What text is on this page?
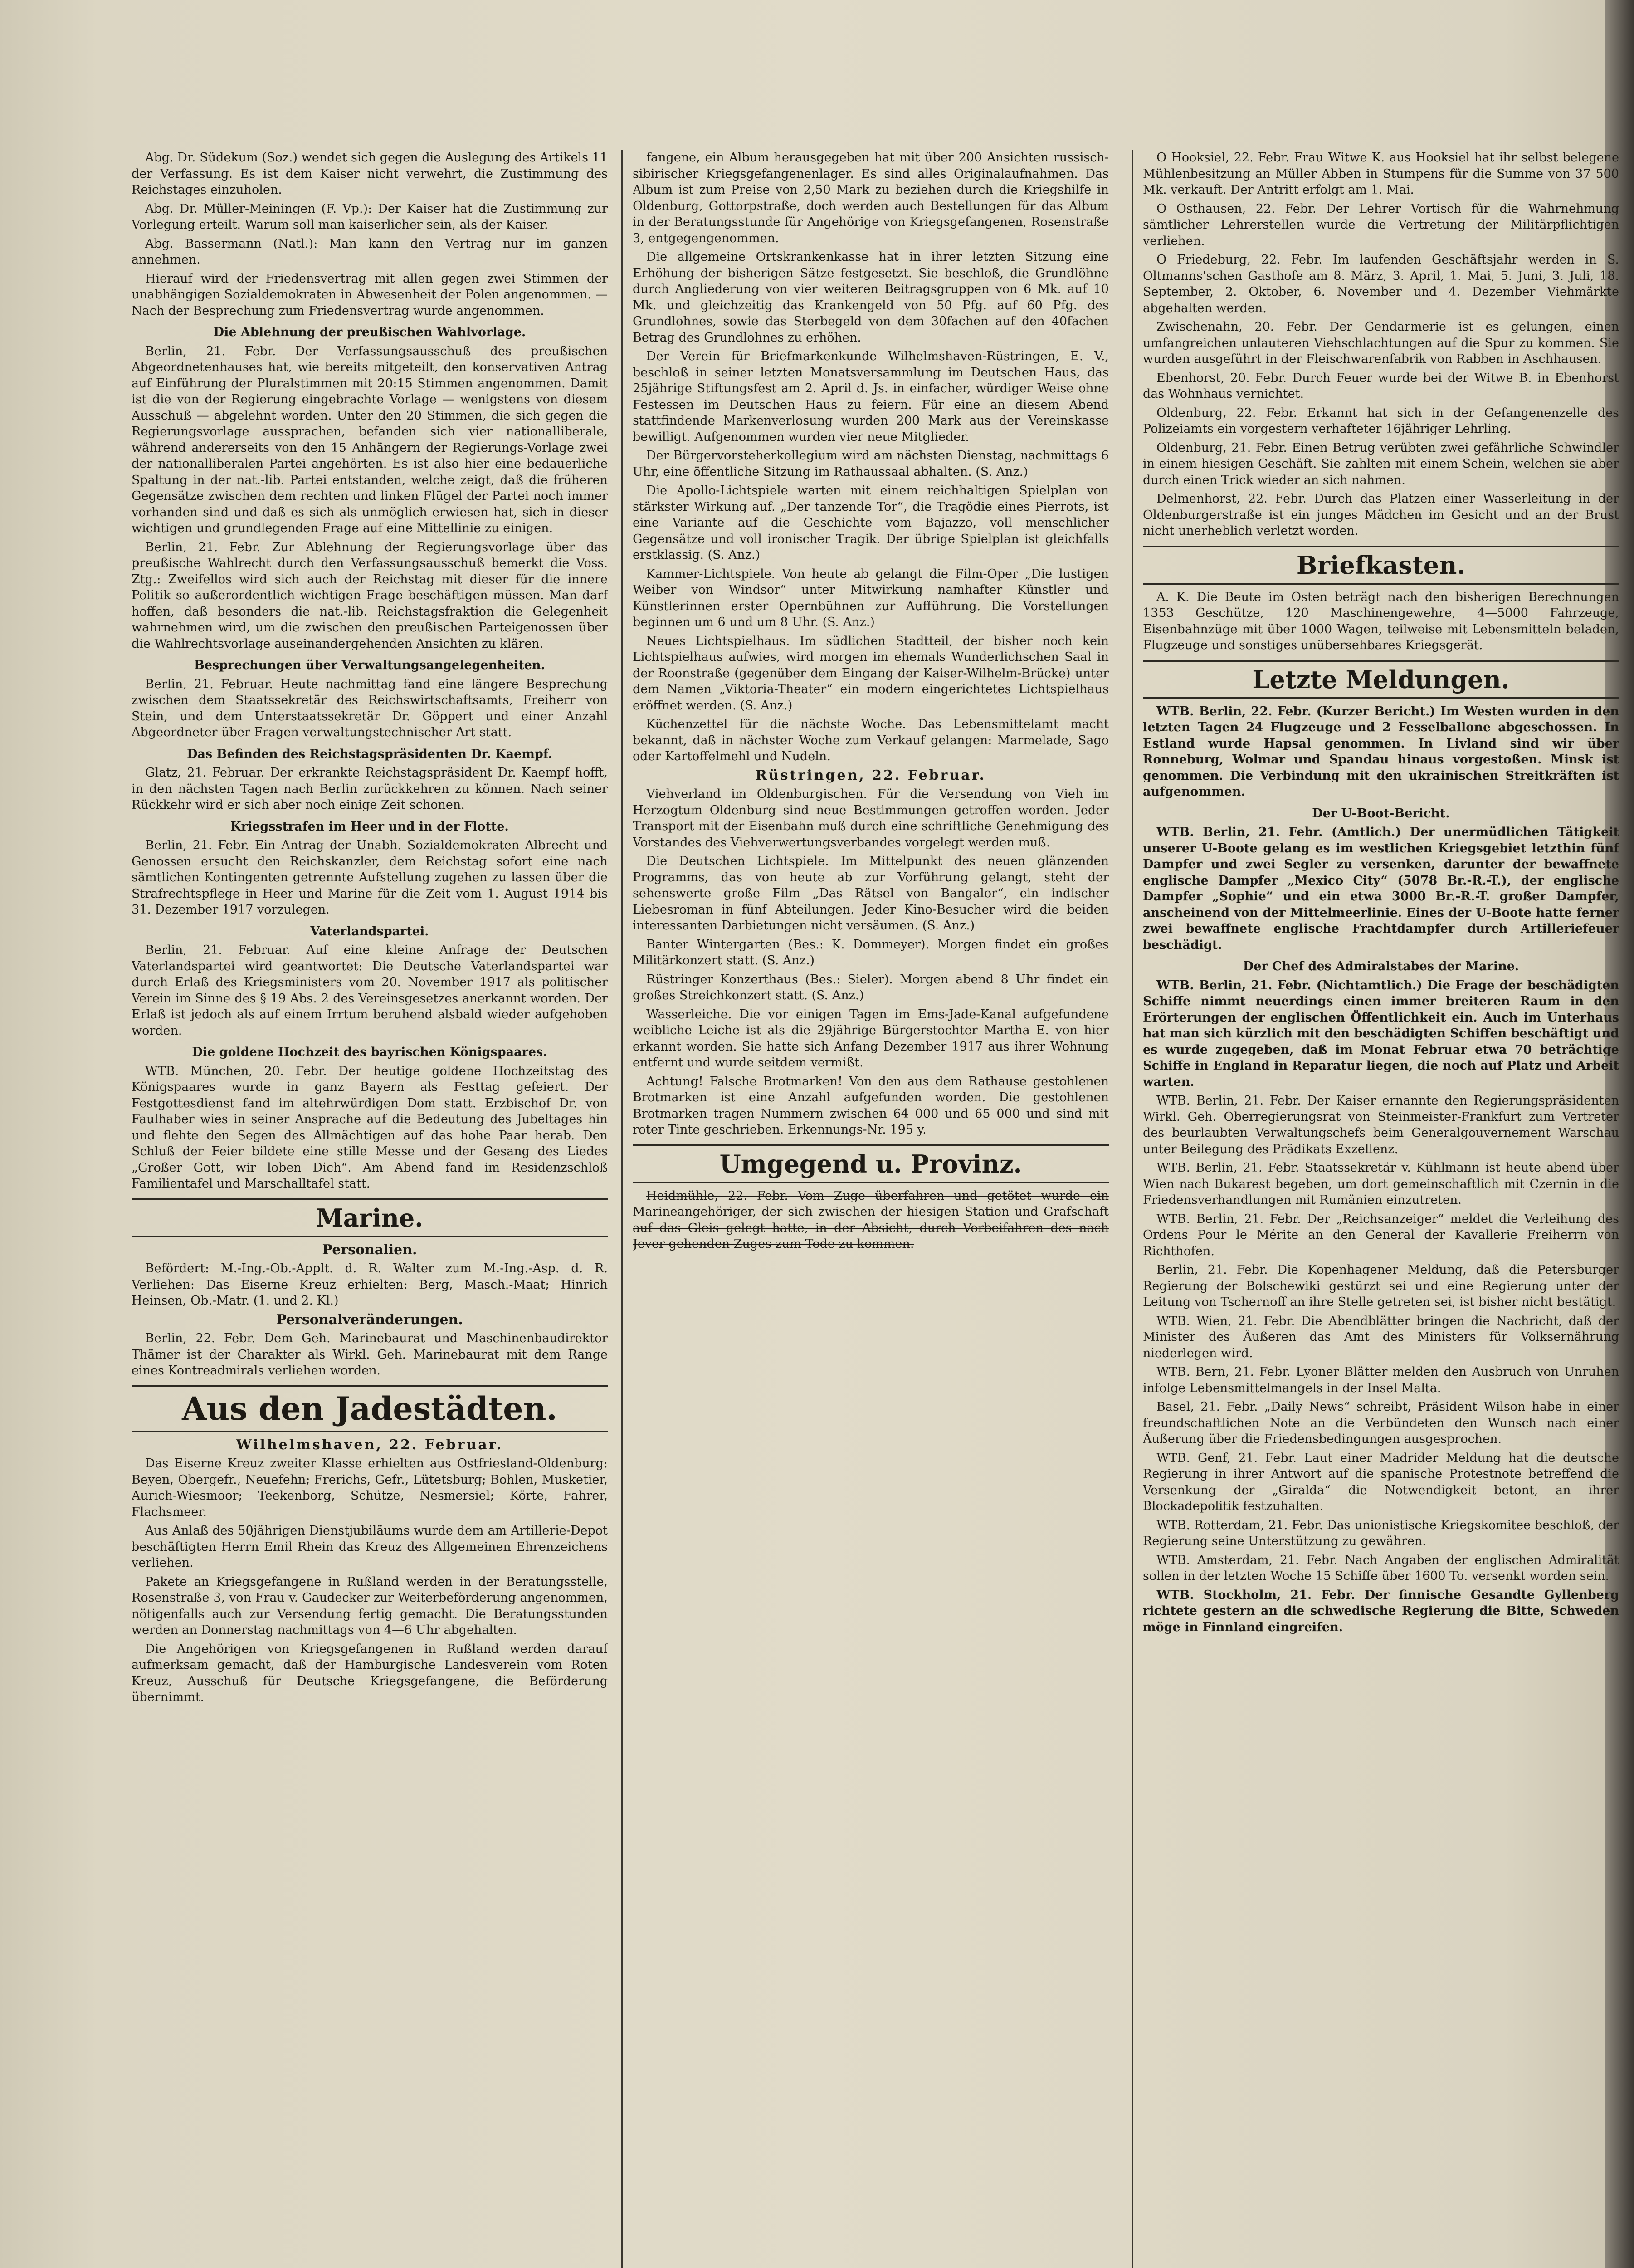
Abg. Dr. Südekum (Soz.) wendet sich gegen die Auslegung des Artikels 11 der Verfassung. Es ist dem Kaiser nicht verwehrt, die Zustimmung des Reichstages einzuholen.

Abg. Dr. Müller-Meiningen (F. Vp.): Der Kaiser hat die Zustimmung zur Vorlegung erteilt. Warum soll man kaiserlicher sein, als der Kaiser.

Abg. Bassermann (Natl.): Man kann den Vertrag nur im ganzen annehmen.

Hierauf wird der Friedensvertrag mit allen gegen zwei Stimmen der unabhängigen Sozialdemokraten in Abwesenheit der Polen angenommen. — Nach der Besprechung zum Friedensvertrag wurde angenommen.

Die Ablehnung der preußischen Wahlvorlage.

Berlin, 21. Febr. Der Verfassungsausschuß des preußischen Abgeordnetenhauses hat, wie bereits mitgeteilt, den konservativen Antrag auf Einführung der Pluralstimmen mit 20:15 Stimmen angenommen. Damit ist die von der Regierung eingebrachte Vorlage — wenigstens von diesem Ausschuß — abgelehnt worden. Unter den 20 Stimmen, die sich gegen die Regierungsvorlage aussprachen, befanden sich vier nationalliberale, während andererseits von den 15 Anhängern der Regierungs-Vorlage zwei der nationalliberalen Partei angehörten. Es ist also hier eine bedauerliche Spaltung in der nat.-lib. Partei entstanden, welche zeigt, daß die früheren Gegensätze zwischen dem rechten und linken Flügel der Partei noch immer vorhanden sind und daß es sich als unmöglich erwiesen hat, sich in dieser wichtigen und grundlegenden Frage auf eine Mittellinie zu einigen.

Berlin, 21. Febr. Zur Ablehnung der Regierungsvorlage über das preußische Wahlrecht durch den Verfassungsausschuß bemerkt die Voss. Ztg.: Zweifellos wird sich auch der Reichstag mit dieser für die innere Politik so außerordentlich wichtigen Frage beschäftigen müssen. Man darf hoffen, daß besonders die nat.-lib. Reichstagsfraktion die Gelegenheit wahrnehmen wird, um die zwischen den preußischen Parteigenossen über die Wahlrechtsvorlage auseinandergehenden Ansichten zu klären.

Besprechungen über Verwaltungsangelegenheiten.

Berlin, 21. Februar. Heute nachmittag fand eine längere Besprechung zwischen dem Staatssekretär des Reichswirtschaftsamts, Freiherr von Stein, und dem Unterstaatssekretär Dr. Göppert und einer Anzahl Abgeordneter über Fragen verwaltungstechnischer Art statt.

Das Befinden des Reichstagspräsidenten Dr. Kaempf.

Glatz, 21. Februar. Der erkrankte Reichstagspräsident Dr. Kaempf hofft, in den nächsten Tagen nach Berlin zurückkehren zu können. Nach seiner Rückkehr wird er sich aber noch einige Zeit schonen.

Kriegsstrafen im Heer und in der Flotte.

Berlin, 21. Febr. Ein Antrag der Unabh. Sozialdemokraten Albrecht und Genossen ersucht den Reichskanzler, dem Reichstag sofort eine nach sämtlichen Kontingenten getrennte Aufstellung zugehen zu lassen über die Strafrechtspflege in Heer und Marine für die Zeit vom 1. August 1914 bis 31. Dezember 1917 vorzulegen.

Vaterlandspartei.

Berlin, 21. Februar. Auf eine kleine Anfrage der Deutschen Vaterlandspartei wird geantwortet: Die Deutsche Vaterlandspartei war durch Erlaß des Kriegsministers vom 20. November 1917 als politischer Verein im Sinne des § 19 Abs. 2 des Vereinsgesetzes anerkannt worden. Der Erlaß ist jedoch als auf einem Irrtum beruhend alsbald wieder aufgehoben worden.

Die goldene Hochzeit des bayrischen Königspaares.

WTB. München, 20. Febr. Der heutige goldene Hochzeitstag des Königspaares wurde in ganz Bayern als Festtag gefeiert. Der Festgottesdienst fand im altehrwürdigen Dom statt. Erzbischof Dr. von Faulhaber wies in seiner Ansprache auf die Bedeutung des Jubeltages hin und flehte den Segen des Allmächtigen auf das hohe Paar herab. Den Schluß der Feier bildete eine stille Messe und der Gesang des Liedes „Großer Gott, wir loben Dich“. Am Abend fand im Residenzschloß Familientafel und Marschalltafel statt.

Marine.
Personalien.

Befördert: M.-Ing.-Ob.-Applt. d. R. Walter zum M.-Ing.-Asp. d. R. Verliehen: Das Eiserne Kreuz erhielten: Berg, Masch.-Maat; Hinrich Heinsen, Ob.-Matr. (1. und 2. Kl.)

Personalveränderungen.

Berlin, 22. Febr. Dem Geh. Marinebaurat und Maschinenbaudirektor Thämer ist der Charakter als Wirkl. Geh. Marinebaurat mit dem Range eines Kontreadmirals verliehen worden.

Aus den Jadestädten.
Wilhelmshaven, 22. Februar.

Das Eiserne Kreuz zweiter Klasse erhielten aus Ostfriesland-Oldenburg: Beyen, Obergefr., Neuefehn; Frerichs, Gefr., Lütetsburg; Bohlen, Musketier, Aurich-Wiesmoor; Teekenborg, Schütze, Nesmersiel; Körte, Fahrer, Flachsmeer.

Aus Anlaß des 50jährigen Dienstjubiläums wurde dem am Artillerie-Depot beschäftigten Herrn Emil Rhein das Kreuz des Allgemeinen Ehrenzeichens verliehen.

Pakete an Kriegsgefangene in Rußland werden in der Beratungsstelle, Rosenstraße 3, von Frau v. Gaudecker zur Weiterbeförderung angenommen, nötigenfalls auch zur Versendung fertig gemacht. Die Beratungsstunden werden an Donnerstag nachmittags von 4—6 Uhr abgehalten.

Die Angehörigen von Kriegsgefangenen in Rußland werden darauf aufmerksam gemacht, daß der Hamburgische Landesverein vom Roten Kreuz, Ausschuß für Deutsche Kriegsgefangene, die Beförderung übernimmt.

fangene, ein Album herausgegeben hat mit über 200 Ansichten russisch-sibirischer Kriegsgefangenenlager. Es sind alles Originalaufnahmen. Das Album ist zum Preise von 2,50 Mark zu beziehen durch die Kriegshilfe in Oldenburg, Gottorpstraße, doch werden auch Bestellungen für das Album in der Beratungsstunde für Angehörige von Kriegsgefangenen, Rosenstraße 3, entgegengenommen.

Die allgemeine Ortskrankenkasse hat in ihrer letzten Sitzung eine Erhöhung der bisherigen Sätze festgesetzt. Sie beschloß, die Grundlöhne durch Angliederung von vier weiteren Beitragsgruppen von 6 Mk. auf 10 Mk. und gleichzeitig das Krankengeld von 50 Pfg. auf 60 Pfg. des Grundlohnes, sowie das Sterbegeld von dem 30fachen auf den 40fachen Betrag des Grundlohnes zu erhöhen.

Der Verein für Briefmarkenkunde Wilhelmshaven-Rüstringen, E. V., beschloß in seiner letzten Monatsversammlung im Deutschen Haus, das 25jährige Stiftungsfest am 2. April d. Js. in einfacher, würdiger Weise ohne Festessen im Deutschen Haus zu feiern. Für eine an diesem Abend stattfindende Markenverlosung wurden 200 Mark aus der Vereinskasse bewilligt. Aufgenommen wurden vier neue Mitglieder.

Der Bürgervorsteherkollegium wird am nächsten Dienstag, nachmittags 6 Uhr, eine öffentliche Sitzung im Rathaussaal abhalten. (S. Anz.)

Die Apollo-Lichtspiele warten mit einem reichhaltigen Spielplan von stärkster Wirkung auf. „Der tanzende Tor“, die Tragödie eines Pierrots, ist eine Variante auf die Geschichte vom Bajazzo, voll menschlicher Gegensätze und voll ironischer Tragik. Der übrige Spielplan ist gleichfalls erstklassig. (S. Anz.)

Kammer-Lichtspiele. Von heute ab gelangt die Film-Oper „Die lustigen Weiber von Windsor“ unter Mitwirkung namhafter Künstler und Künstlerinnen erster Opernbühnen zur Aufführung. Die Vorstellungen beginnen um 6 und um 8 Uhr. (S. Anz.)

Neues Lichtspielhaus. Im südlichen Stadtteil, der bisher noch kein Lichtspielhaus aufwies, wird morgen im ehemals Wunderlichschen Saal in der Roonstraße (gegenüber dem Eingang der Kaiser-Wilhelm-Brücke) unter dem Namen „Viktoria-Theater“ ein modern eingerichtetes Lichtspielhaus eröffnet werden. (S. Anz.)

Küchenzettel für die nächste Woche. Das Lebensmittelamt macht bekannt, daß in nächster Woche zum Verkauf gelangen: Marmelade, Sago oder Kartoffelmehl und Nudeln.

Rüstringen, 22. Februar.

Viehverland im Oldenburgischen. Für die Versendung von Vieh im Herzogtum Oldenburg sind neue Bestimmungen getroffen worden. Jeder Transport mit der Eisenbahn muß durch eine schriftliche Genehmigung des Vorstandes des Viehverwertungsverbandes vorgelegt werden muß.

Die Deutschen Lichtspiele. Im Mittelpunkt des neuen glänzenden Programms, das von heute ab zur Vorführung gelangt, steht der sehenswerte große Film „Das Rätsel von Bangalor“, ein indischer Liebesroman in fünf Abteilungen. Jeder Kino-Besucher wird die beiden interessanten Darbietungen nicht versäumen. (S. Anz.)

Banter Wintergarten (Bes.: K. Dommeyer). Morgen findet ein großes Militärkonzert statt. (S. Anz.)

Rüstringer Konzerthaus (Bes.: Sieler). Morgen abend 8 Uhr findet ein großes Streichkonzert statt. (S. Anz.)

Wasserleiche. Die vor einigen Tagen im Ems-Jade-Kanal aufgefundene weibliche Leiche ist als die 29jährige Bürgerstochter Martha E. von hier erkannt worden. Sie hatte sich Anfang Dezember 1917 aus ihrer Wohnung entfernt und wurde seitdem vermißt.

Achtung! Falsche Brotmarken! Von den aus dem Rathause gestohlenen Brotmarken ist eine Anzahl aufgefunden worden. Die gestohlenen Brotmarken tragen Nummern zwischen 64 000 und 65 000 und sind mit roter Tinte geschrieben. Erkennungs-Nr. 195 y.

Umgegend u. Provinz.

Heidmühle, 22. Febr. Vom Zuge überfahren und getötet wurde ein Marineangehöriger, der sich zwischen der hiesigen Station und Grafschaft auf das Gleis gelegt hatte, in der Absicht, durch Vorbeifahren des nach Jever gehenden Zuges zum Tode zu kommen.

O Hooksiel, 22. Febr. Frau Witwe K. aus Hooksiel hat ihr selbst belegene Mühlenbesitzung an Müller Abben in Stumpens für die Summe von 37 500 Mk. verkauft. Der Antritt erfolgt am 1. Mai.

O Osthausen, 22. Febr. Der Lehrer Vortisch für die Wahrnehmung sämtlicher Lehrerstellen wurde die Vertretung der Militärpflichtigen verliehen.

O Friedeburg, 22. Febr. Im laufenden Geschäftsjahr werden in S. Oltmanns'schen Gasthofe am 8. März, 3. April, 1. Mai, 5. Juni, 3. Juli, 18. September, 2. Oktober, 6. November und 4. Dezember Viehmärkte abgehalten werden.

Zwischenahn, 20. Febr. Der Gendarmerie ist es gelungen, einen umfangreichen unlauteren Viehschlachtungen auf die Spur zu kommen. Sie wurden ausgeführt in der Fleischwarenfabrik von Rabben in Aschhausen.

Ebenhorst, 20. Febr. Durch Feuer wurde bei der Witwe B. in Ebenhorst das Wohnhaus vernichtet.

Oldenburg, 22. Febr. Erkannt hat sich in der Gefangenenzelle des Polizeiamts ein vorgestern verhafteter 16jähriger Lehrling.

Oldenburg, 21. Febr. Einen Betrug verübten zwei gefährliche Schwindler in einem hiesigen Geschäft. Sie zahlten mit einem Schein, welchen sie aber durch einen Trick wieder an sich nahmen.

Delmenhorst, 22. Febr. Durch das Platzen einer Wasserleitung in der Oldenburgerstraße ist ein junges Mädchen im Gesicht und an der Brust nicht unerheblich verletzt worden.

Briefkasten.

A. K. Die Beute im Osten beträgt nach den bisherigen Berechnungen 1353 Geschütze, 120 Maschinengewehre, 4—5000 Fahrzeuge, Eisenbahnzüge mit über 1000 Wagen, teilweise mit Lebensmitteln beladen, Flugzeuge und sonstiges unübersehbares Kriegsgerät.

Letzte Meldungen.

WTB. Berlin, 22. Febr. (Kurzer Bericht.) Im Westen wurden in den letzten Tagen 24 Flugzeuge und 2 Fesselballone abgeschossen. In Estland wurde Hapsal genommen. In Livland sind wir über Ronneburg, Wolmar und Spandau hinaus vorgestoßen. Minsk ist genommen. Die Verbindung mit den ukrainischen Streitkräften ist aufgenommen.

Der U-Boot-Bericht.

WTB. Berlin, 21. Febr. (Amtlich.) Der unermüdlichen Tätigkeit unserer U-Boote gelang es im westlichen Kriegsgebiet letzthin fünf Dampfer und zwei Segler zu versenken, darunter der bewaffnete englische Dampfer „Mexico City“ (5078 Br.-R.-T.), der englische Dampfer „Sophie“ und ein etwa 3000 Br.-R.-T. großer Dampfer, anscheinend von der Mittelmeerlinie. Eines der U-Boote hatte ferner zwei bewaffnete englische Frachtdampfer durch Artilleriefeuer beschädigt.

Der Chef des Admiralstabes der Marine.

WTB. Berlin, 21. Febr. (Nichtamtlich.) Die Frage der beschädigten Schiffe nimmt neuerdings einen immer breiteren Raum in den Erörterungen der englischen Öffentlichkeit ein. Auch im Unterhaus hat man sich kürzlich mit den beschädigten Schiffen beschäftigt und es wurde zugegeben, daß im Monat Februar etwa 70 beträchtige Schiffe in England in Reparatur liegen, die noch auf Platz und Arbeit warten.

WTB. Berlin, 21. Febr. Der Kaiser ernannte den Regierungspräsidenten Wirkl. Geh. Oberregierungsrat von Steinmeister-Frankfurt zum Vertreter des beurlaubten Verwaltungschefs beim Generalgouvernement Warschau unter Beilegung des Prädikats Exzellenz.

WTB. Berlin, 21. Febr. Staatssekretär v. Kühlmann ist heute abend über Wien nach Bukarest begeben, um dort gemeinschaftlich mit Czernin in die Friedensverhandlungen mit Rumänien einzutreten.

WTB. Berlin, 21. Febr. Der „Reichsanzeiger“ meldet die Verleihung des Ordens Pour le Mérite an den General der Kavallerie Freiherrn von Richthofen.

Berlin, 21. Febr. Die Kopenhagener Meldung, daß die Petersburger Regierung der Bolschewiki gestürzt sei und eine Regierung unter der Leitung von Tschernoff an ihre Stelle getreten sei, ist bisher nicht bestätigt.

WTB. Wien, 21. Febr. Die Abendblätter bringen die Nachricht, daß der Minister des Äußeren das Amt des Ministers für Volksernährung niederlegen wird.

WTB. Bern, 21. Febr. Lyoner Blätter melden den Ausbruch von Unruhen infolge Lebensmittelmangels in der Insel Malta.

Basel, 21. Febr. „Daily News“ schreibt, Präsident Wilson habe in einer freundschaftlichen Note an die Verbündeten den Wunsch nach einer Äußerung über die Friedensbedingungen ausgesprochen.

WTB. Genf, 21. Febr. Laut einer Madrider Meldung hat die deutsche Regierung in ihrer Antwort auf die spanische Protestnote betreffend die Versenkung der „Giralda“ die Notwendigkeit betont, an ihrer Blockadepolitik festzuhalten.

WTB. Rotterdam, 21. Febr. Das unionistische Kriegskomitee beschloß, der Regierung seine Unterstützung zu gewähren.

WTB. Amsterdam, 21. Febr. Nach Angaben der englischen Admiralität sollen in der letzten Woche 15 Schiffe über 1600 To. versenkt worden sein.

WTB. Stockholm, 21. Febr. Der finnische Gesandte Gyllenberg richtete gestern an die schwedische Regierung die Bitte, Schweden möge in Finnland eingreifen.
